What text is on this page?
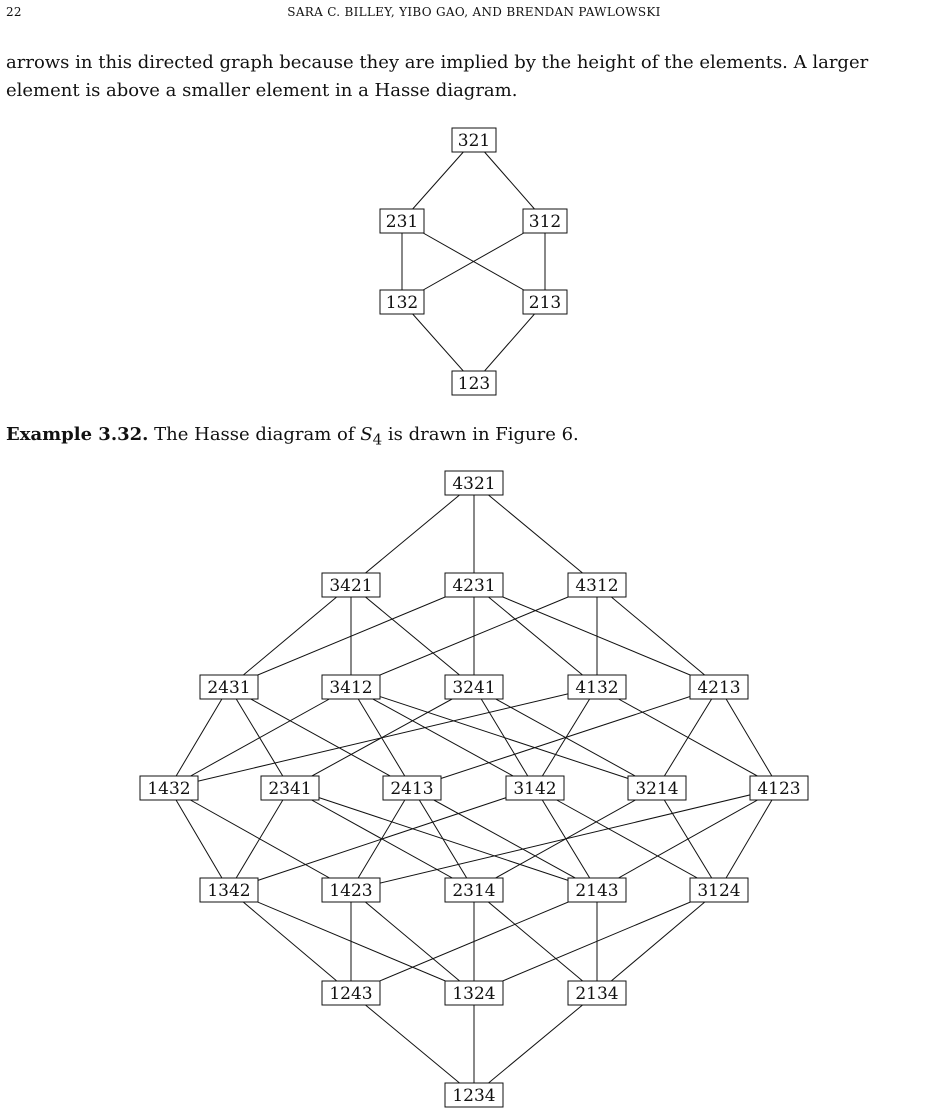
22	SARA C. BILLEY, YIBO GAO, AND BRENDAN PAWLOWSKI
arrows in this directed graph because they are implied by the height of the elements. A larger element is above a smaller element in a Hasse diagram.
321
231	312
132	213
123
Example 3.32. The Hasse diagram of $S_4$ is drawn in Figure 6.
4321
3421	4231	4312
2431	3412	3241	4132	4213
1432	2341	2413	3142	3214	4123
1342	1423	2314	2143	3124
1243	1324	2134
1234
